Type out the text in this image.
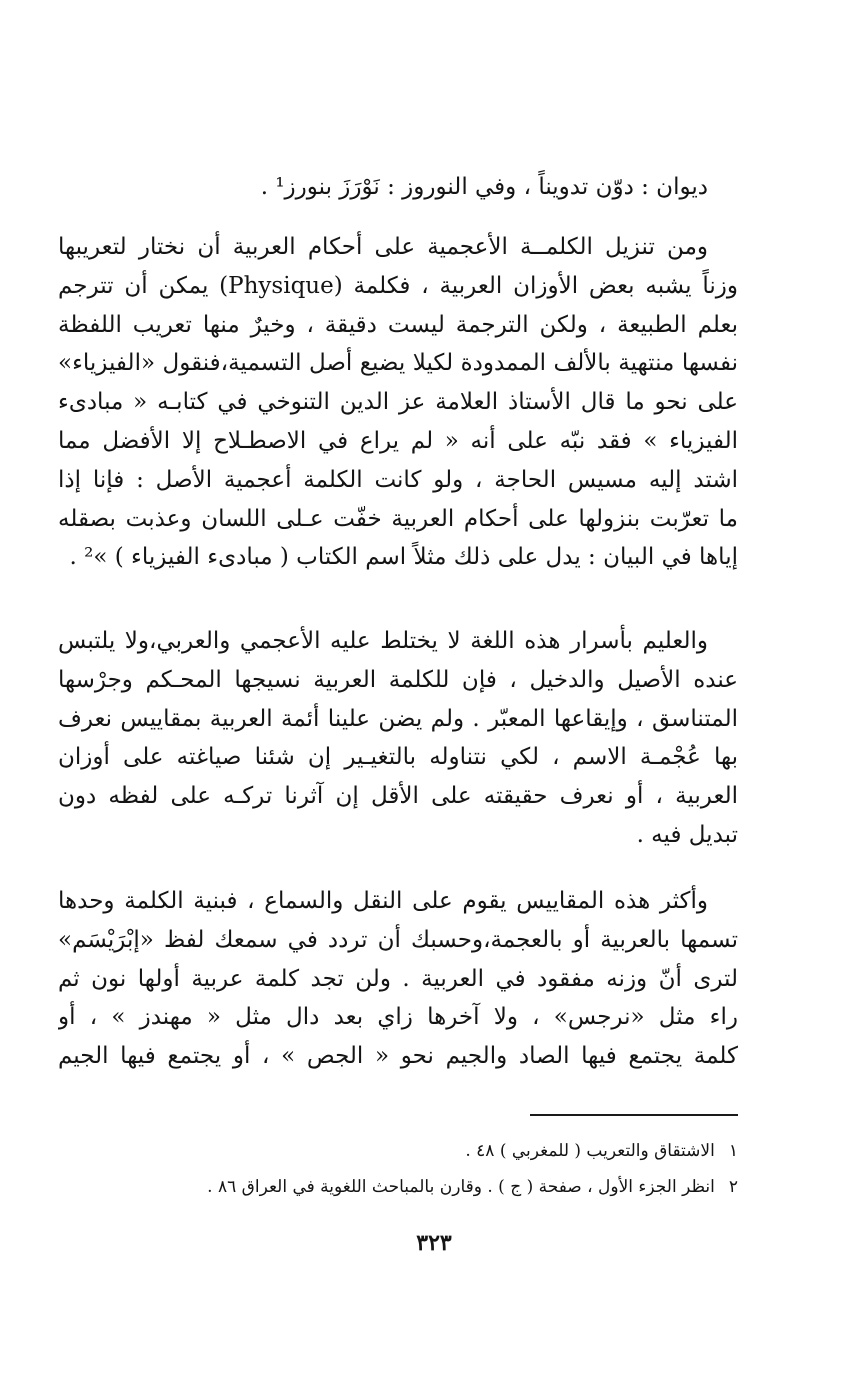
ديوان : دوّن تدويناً ، وفي النوروز : نَوْرَزَ بنورز¹ .
ومن تنزيل الكلمــة الأعجمية على أحكام العربية أن نختار لتعريبها
وزناً يشبه بعض الأوزان العربية ، فكلمة (Physique) يمكن أن تترجم
بعلم الطبيعة ، ولكن الترجمة ليست دقيقة ، وخيرٌ منها تعريب اللفظة
نفسها منتهية بالألف الممدودة لكيلا يضيع أصل التسمية،فنقول «الفيزياء»
على نحو ما قال الأستاذ العلامة عز الدين التنوخي في كتابـه « مبادىء
الفيزياء » فقد نبّه على أنه « لم يراع في الاصطـلاح إلا الأفضل مما
اشتد إليه مسيس الحاجة ، ولو كانت الكلمة أعجمية الأصل : فإنا إذا
ما تعرّبت بنزولها على أحكام العربية خفّت عـلى اللسان وعذبت بصقله
إياها في البيان : يدل على ذلك مثلاً اسم الكتاب ( مبادىء الفيزياء ) »² .
والعليم بأسرار هذه اللغة لا يختلط عليه الأعجمي والعربي،ولا يلتبس
عنده الأصيل والدخيل ، فإن للكلمة العربية نسيجها المحـكم وجرْسها
المتناسق ، وإيقاعها المعبّر . ولم يضن علينا أئمة العربية بمقاييس نعرف
بها عُجْمـة الاسم ، لكي نتناوله بالتغيـير إن شئنا صياغته على أوزان
العربية ، أو نعرف حقيقته على الأقل إن آثرنا تركـه على لفظه دون
تبديل فيه .
وأكثر هذه المقاييس يقوم على النقل والسماع ، فبنية الكلمة وحدها
تسمها بالعربية أو بالعجمة،وحسبك أن تردد في سمعك لفظ «إبْرَيْسَم»
لترى أنّ وزنه مفقود في العربية . ولن تجد كلمة عربية أولها نون ثم
راء مثل «نرجس» ، ولا آخرها زاي بعد دال مثل « مهندز » ، أو
كلمة يجتمع فيها الصاد والجيم نحو « الجص » ، أو يجتمع فيها الجيم
١الاشتقاق والتعريب ( للمغربي ) ٤٨ .
٢انظر الجزء الأول ، صفحة ( ج ) . وقارن بالمباحث اللغوية في العراق ٨٦ .
٣٢٣
